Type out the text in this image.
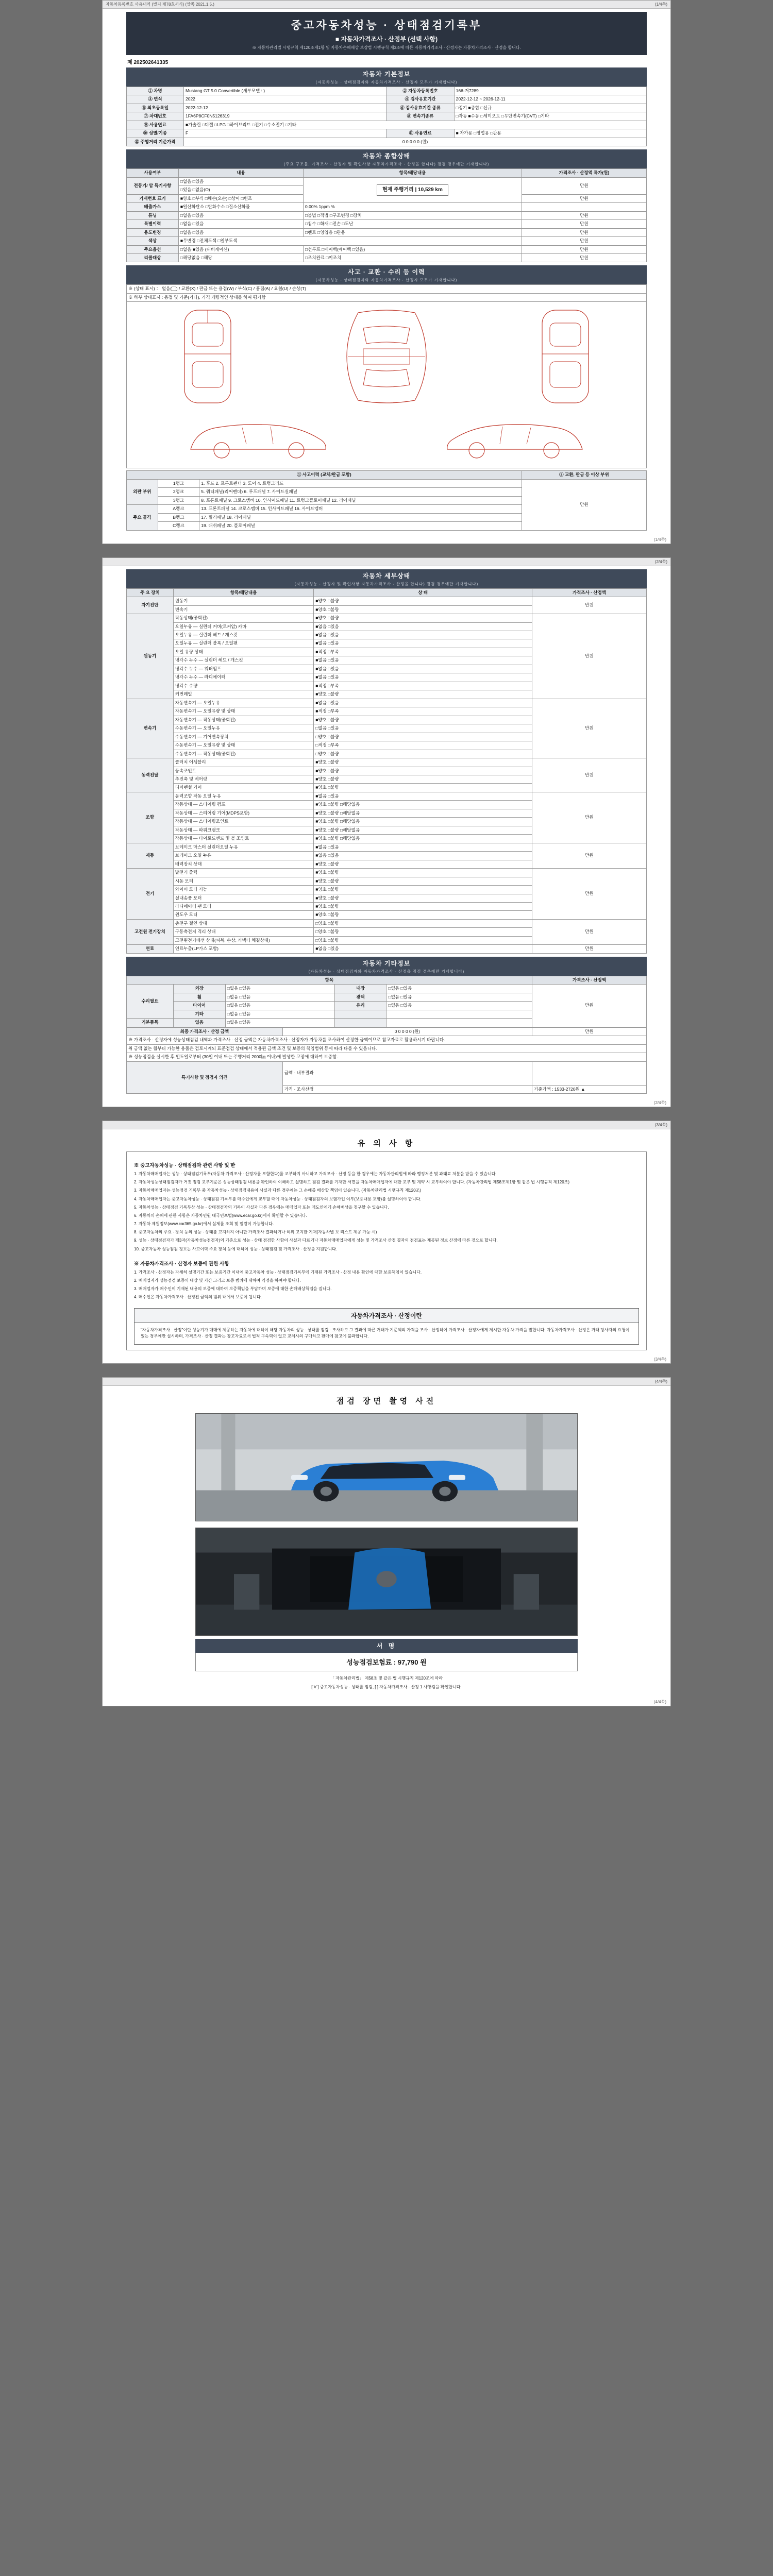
자동차등록번호 사용내역 (별지 제78호서식) (앞쪽 2021.1.5.)	(1/4쪽)
중고자동차성능 · 상태점검기록부
■ 자동차가격조사 · 산정부 (선택 사항)
※ 자동차관리법 시행규칙 제120조제1항 및 자동차손해배상 보장법 시행규칙 제3조에 따른 자동차가격조사 · 산정자는 자동차가격조사 · 산정을 합니다.
제 202502641335
자동차 기본정보
(자동차성능 · 상태점검자와 자동차가격조사 · 산정자 모두가 기재합니다)
① 차명	Mustang GT 5.0 Convertible (세부모델 : )	② 자동차등록번호	166-저7289
③ 연식	2022	④ 검사유효기간	2022-12-12 ~ 2026-12-11
⑤ 최초등록일	2022-12-12	⑥ 검사유효기간 종류	□정기 ■종합 □신규
⑦ 차대번호	1FA6P8CF0N5126319	⑧ 변속기종류	□자동 ■수동 □세미오토 □무단변속기(CVT) □기타
⑨ 사용연료	■가솔린 □디젤 □LPG □하이브리드 □전기 □수소전기 □기타		
⑩ 성별/기종	F	⑪ 사용연료	■ 자가용 □영업용 □관용
⑫ 주행거리 기준가격	0 0 0 0 0 (원)		
자동차 종합상태
(주요 구조물, 가격조사 · 산정자 및 확인사항 자동차가격조사 · 산정을 합니다) 점검 경우에만 기재합니다)
사용여부	내용	항목/해당내용	가격조사 · 산정액 특가(원)
전동기/ 압 특기사항	□없음 □있음	현재 주행거리 | 10,529 km	만원
	□있음 □없음(O)		
기재번호 표기	■양호 □부식 □훼손(오손) □상이 □변조		만원
배출가스	■일산화탄소 □탄화수소 □질소산화물	0.00% 1ppm %	
튜닝	□없음 □있음	□불법 □적법 □구조변경 □장치	만원
특별이력	□없음 □있음	□침수 □화재 □전손 □도난	만원
용도변경	□없음 □있음	□렌트 □영업용 □관용	만원
색상	■무변경 □전체도색 □일부도색		만원
주요옵션	□없음 ■있음 (내비게이션)	□선루프 □에어백(에어백 □있음)	만원
리콜대상	□해당없음 □해당	□조치완료 □미조치	만원
사고 · 교환 · 수리 등 이력
(자동차성능 · 상태점검자와 자동차가격조사 · 산정자 모두가 기재합니다)
※ (상태 표시) ： 없음(▢) / 교환(X) / 판금 또는 용접(W) / 부식(C) / 흠집(A) / 요철(U) / 손상(T)
※ 하부 상태표시 : 용접 및 기준(기타), 가격 개량적인 상태를 하여 평가함
① 사고이력 (교체/판금 포함)			② 교환, 판금 등 이상 부위
외판 부위	1랭크	1. 후드 2. 프론트펜더 3. 도어 4. 트렁크리드	만원
	2랭크	5. 쿼터패널(리어펜더) 6. 루프패널 7. 사이드실패널	
	3랭크	8. 프론트패널 9. 크로스멤버 10. 인사이드패널 11. 트렁크플로어패널 12. 리어패널	
주요 골격	A랭크	13. 프론트패널 14. 크로스멤버 15. 인사이드패널 16. 사이드멤버	
	B랭크	17. 필러패널 18. 리어패널	
	C랭크	19. 대쉬패널 20. 플로어패널	
(1/4쪽)
(2/4쪽)
자동차 세부상태
(자동차성능 · 산정자 및 확인사항 자동차가격조사 · 산정을 합니다) 점검 경우에만 기재합니다)
주 요 장치	항목/해당내용	상 태	가격조사 · 산정액
자기진단	원동기	■양호 □불량	만원
	변속기	■양호 □불량	
원동기	작동상태(공회전)	■양호 □불량	만원
	오일누유 — 실린더 커버(로커암) 카바	■없음 □있음	
	오일누유 — 실린더 헤드 / 개스킷	■없음 □있음	
	오일누유 — 실린더 블록 / 오일팬	■없음 □있음	
	오일 유량 상태	■적정 □부족	
	냉각수 누수 — 실린더 헤드 / 개스킷	■없음 □있음	
	냉각수 누수 — 워터펌프	■없음 □있음	
	냉각수 누수 — 라디에이터	■없음 □있음	
	냉각수 수량	■적정 □부족	
	커먼레일	■양호 □불량	
변속기	자동변속기 — 오일누유	■없음 □있음	만원
	자동변속기 — 오일유량 및 상태	■적정 □부족	
	자동변속기 — 작동상태(공회전)	■양호 □불량	
	수동변속기 — 오일누유	□없음 □있음	
	수동변속기 — 기어변속장치	□양호 □불량	
	수동변속기 — 오일유량 및 상태	□적정 □부족	
	수동변속기 — 작동상태(공회전)	□양호 □불량	
동력전달	클러치 어셈블리	■양호 □불량	만원
	등속조인트	■양호 □불량	
	추진축 및 베어링	■양호 □불량	
	디퍼렌셜 기어	■양호 □불량	
조향	동력조향 작동 오일 누유	■없음 □있음	만원
	작동상태 — 스티어링 펌프	■양호 □불량 □해당없음	
	작동상태 — 스티어링 기어(MDPS포함)	■양호 □불량 □해당없음	
	작동상태 — 스티어링조인트	■양호 □불량 □해당없음	
	작동상태 — 파워크랭크	■양호 □불량 □해당없음	
	작동상태 — 타이로드엔드 및 볼 조인트	■양호 □불량 □해당없음	
제동	브레이크 마스터 실린더오일 누유	■없음 □있음	만원
	브레이크 오일 누유	■없음 □있음	
	배력장치 상태	■양호 □불량	
전기	발전기 출력	■양호 □불량	만원
	시동 모터	■양호 □불량	
	와이퍼 모터 기능	■양호 □불량	
	실내송풍 모터	■양호 □불량	
	라디에이터 팬 모터	■양호 □불량	
	윈도우 모터	■양호 □불량	
고전원 전기장치	충전구 절연 상태	□양호 □불량	만원
	구동축전지 격리 상태	□양호 □불량	
	고전원전기배선 상태(피복, 손상, 커넥터 체결상태)	□양호 □불량	
연료	연료누출(LP가스 포함)	■없음 □있음	만원
자동차 기타정보
(자동차성능 · 상태점검자와 자동차가격조사 · 산정을 점검 경우에만 기재합니다)
항목					가격조사 · 산정액
수리필요	외장	□없음 □있음	내장	□없음 □있음	만원
	휠	□없음 □있음	광택	□없음 □있음	
	타이어	□없음 □있음	유리	□없음 □있음	
	기타	□없음 □있음			
기본품목	없음	□없음 □있음			
최종 가격조사 · 산정 금액	0 0 0 0 0 (원)	만원
※ 가격조사 · 산정자에 성능상태점검 내역과 가격조사 · 산정 금액은 자동차가격조사 · 산정자가 자동차를 조사하여 산정한 금액이므로 참고자료로 활용하시기 바랍니다.		
위 금액 없는 월부터 가능한 용품은 검토시계되 표준점검 상태에서 적용된 금액 조건 및 보증의 책임범위 등에 따라 다를 수 있음니다.		
※ 성능점검을 실시한 후 인도일로부터 (30일 이내 또는 주행거리 2000㎞ 이내)에 발생한 고장에 대하여 보증함.		
특기사항 및 점검자 의견	금액 · 내부결과	
	가격 · 조사산정	기준가액 : 1533-2720원 ▲
(2/4쪽)
(3/4쪽)
유 의 사 항
※ 중고자동차성능 · 상태점검과 관련 사항 및 한

1. 자동차매매업자는 성능 · 상태점검기록부(자동차 가격조사 · 산정자를 포함한다)를 교부하지 아니하고 가격조사 · 산정 등을 한 경우에는 자동차관리법에 따라 행정처분 및 과태료 처분을 받을 수 있습니다.

2. 자동차성능상태점검자가 거짓 점검 교부기준은 성능상태점검 내용을 확인하여 이해하고 설명하고 점검 결과를 기재한 서면을 자동차매매업자에 대한 교부 및 계약 시 교부하여야 합니다. (자동차관리법 제58조제1항 및 같은 법 시행규칙 제120조)

3. 자동차매매업자는 성능점검 기록부 중 자동차성능 · 상태점검내용이 사실과 다른 경우에는 그 손해를 배상할 책임이 있습니다. (자동차관리법 시행규칙 제120조)

4. 자동차매매업자는 중고자동차성능 · 상태점검 기록부를 매수인에게 교부할 때에 자동차성능 · 상태점검자의 보험가입 여부(보증내용 포함)를 설명하여야 합니다.

5. 자동차성능 · 상태점검 기록부상 성능 · 상태점검자의 기록이 사실과 다른 경우에는 매매업자 또는 매도인에게 손해배상을 청구할 수 있습니다.

6. 자동차의 손해에 관한 사항은 자동차민원 대국민포털(www.ecar.go.kr)에서 확인할 수 있습니다.

7. 자동차 제원정보(www.car365.go.kr)에서 실제를 조회 및 열람이 가능합니다.

8. 중고자동차의 주요 · 장치 등의 성능 · 상태를 고지하지 아니한 가격조사 결과하거나 허위 고지한 기재(자동차별 보 리스트 제공 가능 시)

9. 성능 · 상태점검자가 제3자(자동차성능점검자)의 기준으로 성능 · 상태 점검한 사항이 사실과 다르거나 자동차매매업자에게 성능 및 가격조사 산정 결과의 점검표는 제공된 정보 산정에 따른 것으로 합니다.

10. 중고자동차 성능점검 정보는 사고이력 주요 장치 등에 대하여 성능 · 상태점검 및 가격조사 · 산정을 지원합니다.

※ 자동차가격조사 · 산정자 보증에 관한 사항

1. 가격조사 · 산정자는 자세히 설명기간 또는 보증기간 이내에 중고자동차 성능 · 상태점검기록부에 기재된 가격조사 · 산정 내용 확인에 대한 보증책임이 있습니다.

2. 매매업자가 성능점검 보증의 대상 및 기간 그리고 보증 범위에 대하여 약정을 하여야 합니다.

3. 매매업자가 매수인이 기재된 내용의 보증에 대하여 보증책임을 부담하며 보증에 대한 손해배상책임을 집니다.

4. 매수인은 자동차가격조사 · 산정된 금액의 범위 내에서 보증이 됩니다.

자동차가격조사 · 산정이란
"자동차가격조사 · 산정"이란 성능기가 매매에 제공하는 자동차에 대하여 해당 자동차의 성능 · 상태를 점검 · 조사하고 그 결과에 따른 거래가 기준액의 가격을 조사 · 산정하여 가격조사 · 산정자에게 제시한 자동차 가격을 말합니다. 자동차가격조사 · 산정은 거래 당사자의 요청이 있는 경우에만 실시하며, 가격조사 · 산정 결과는 참고자료로서 법적 구속력이 없고 교체시의 구매하고 판매에 참고에 불과합니다.
(3/4쪽)
(4/4쪽)
점검 장면 촬영 사진
서 명
성능점검보험료 : 97,790 원
「 자동차관리법」 제58조 및 같은 법 시행규칙 제120조에 따라
[ V ] 중고자동차성능 · 상태를 점검, [ ] 자동차가격조사 · 산정 1 사항검을 확인합니다.
(4/4쪽)
